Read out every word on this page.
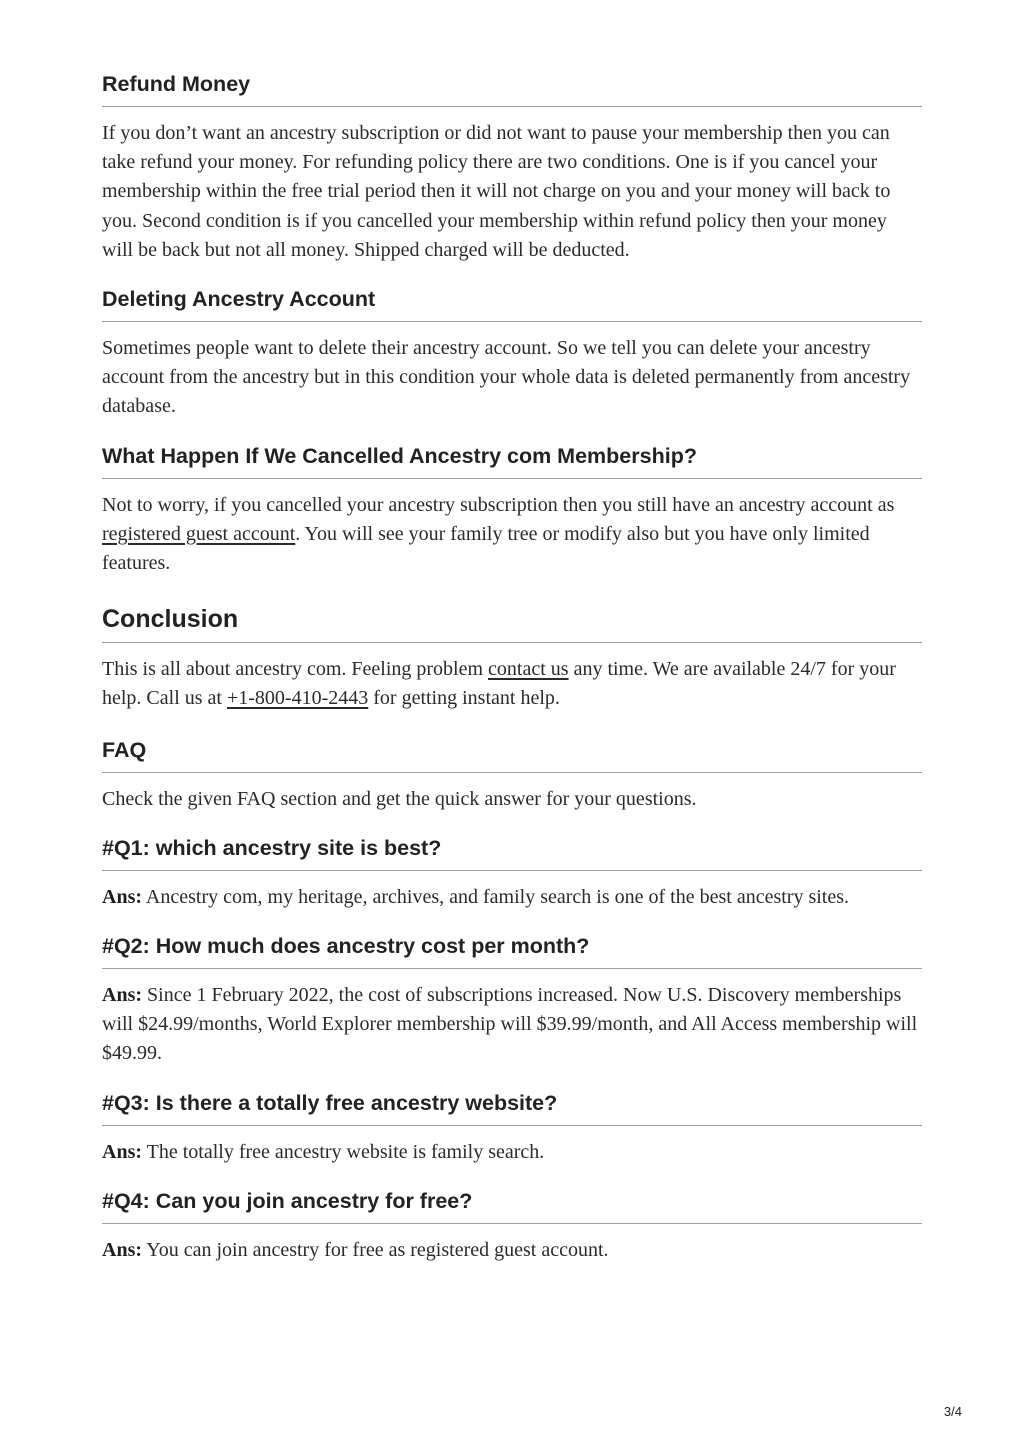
Refund Money

If you don’t want an ancestry subscription or did not want to pause your membership then you can take refund your money. For refunding policy there are two conditions. One is if you cancel your membership within the free trial period then it will not charge on you and your money will back to you. Second condition is if you cancelled your membership within refund policy then your money will be back but not all money. Shipped charged will be deducted.

Deleting Ancestry Account

Sometimes people want to delete their ancestry account. So we tell you can delete your ancestry account from the ancestry but in this condition your whole data is deleted permanently from ancestry database.

What Happen If We Cancelled Ancestry com Membership?

Not to worry, if you cancelled your ancestry subscription then you still have an ancestry account as registered guest account. You will see your family tree or modify also but you have only limited features.

Conclusion

This is all about ancestry com. Feeling problem contact us any time. We are available 24/7 for your help. Call us at +1-800-410-2443 for getting instant help.

FAQ

Check the given FAQ section and get the quick answer for your questions.

#Q1: which ancestry site is best?

Ans: Ancestry com, my heritage, archives, and family search is one of the best ancestry sites.

#Q2: How much does ancestry cost per month?

Ans: Since 1 February 2022, the cost of subscriptions increased. Now U.S. Discovery memberships will $24.99/months, World Explorer membership will $39.99/month, and All Access membership will $49.99.

#Q3: Is there a totally free ancestry website?

Ans: The totally free ancestry website is family search.

#Q4: Can you join ancestry for free?

Ans: You can join ancestry for free as registered guest account.

3/4
